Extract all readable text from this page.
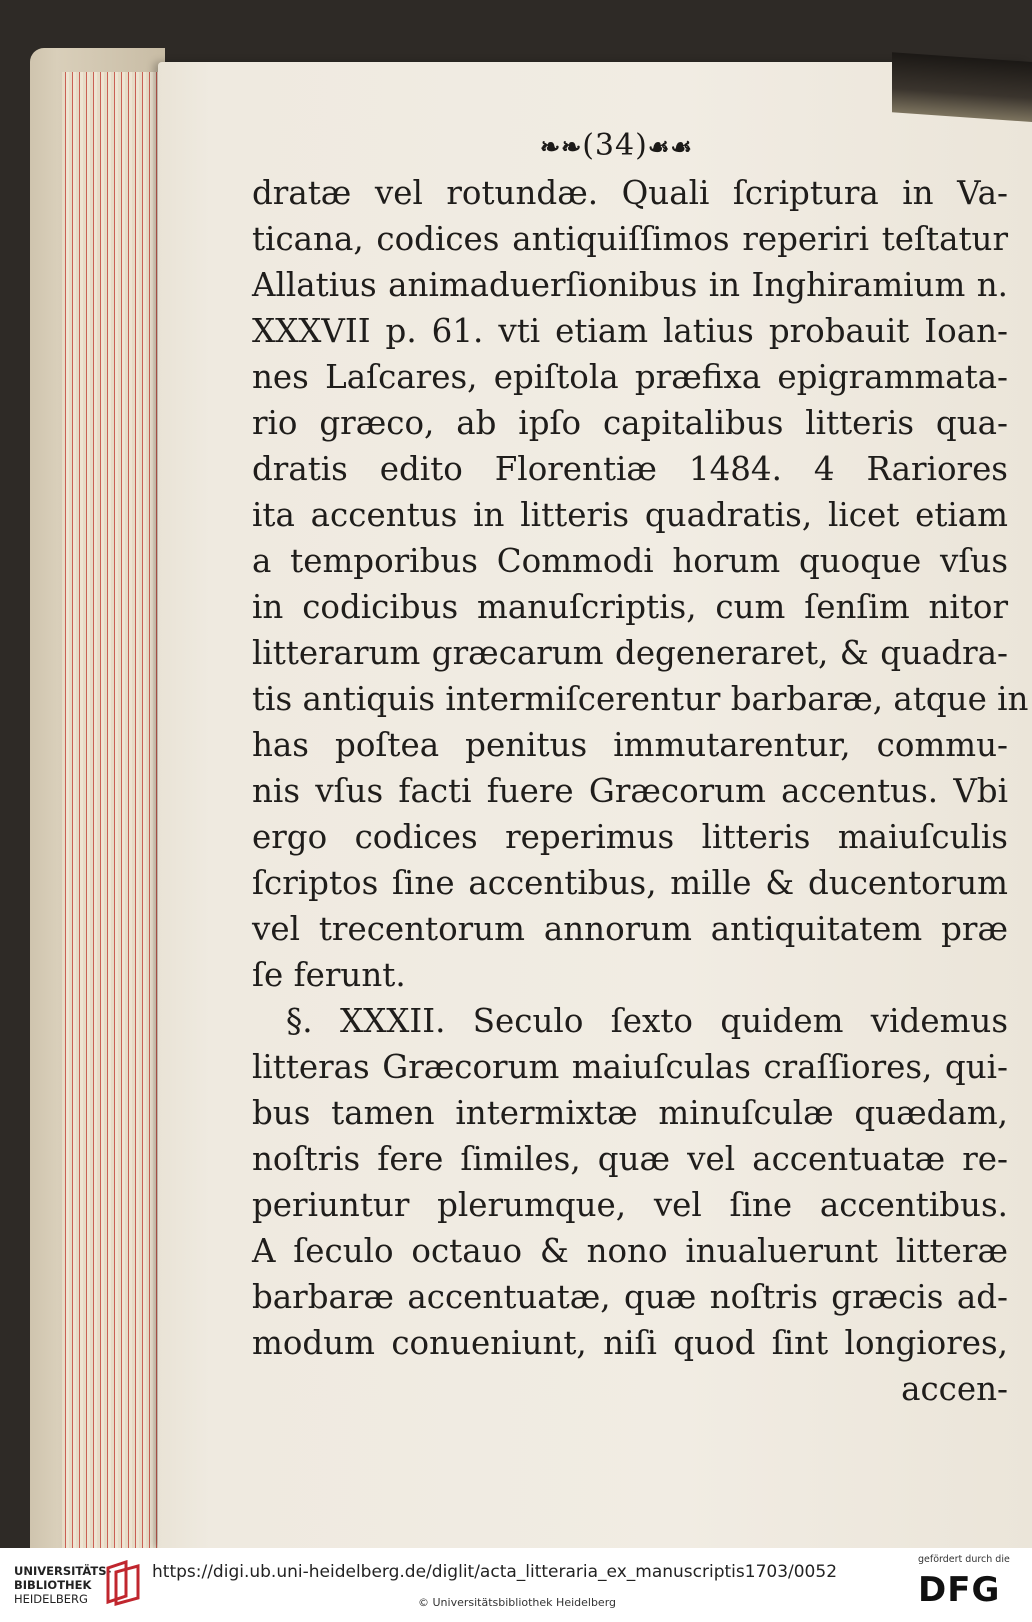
❧❧(34)☙☙
dratæ vel rotundæ. Quali ſcriptura in Va-
ticana, codices antiquiſſimos reperiri teſtatur
Allatius animaduerſionibus in Inghiramium n.
XXXVII p. 61. vti etiam latius probauit Ioan-
nes Laſcares, epiſtola præfixa epigrammata-
rio græco, ab ipſo capitalibus litteris qua-
dratis edito Florentiæ 1484. 4 Rariores
ita accentus in litteris quadratis, licet etiam
a temporibus Commodi horum quoque vſus
in codicibus manuſcriptis, cum ſenſim nitor
litterarum græcarum degeneraret, & quadra-
tis antiquis intermiſcerentur barbaræ, atque in
has poſtea penitus immutarentur, commu-
nis vſus facti fuere Græcorum accentus. Vbi
ergo codices reperimus litteris maiuſculis
ſcriptos ſine accentibus, mille & ducentorum
vel trecentorum annorum antiquitatem præ
ſe ferunt.
§. XXXII. Seculo ſexto quidem videmus
litteras Græcorum maiuſculas craſſiores, qui-
bus tamen intermixtæ minuſculæ quædam,
noſtris fere ſimiles, quæ vel accentuatæ re-
periuntur plerumque, vel ſine accentibus.
A ſeculo octauo & nono inualuerunt litteræ
barbaræ accentuatæ, quæ noſtris græcis ad-
modum conueniunt, niſi quod ſint longiores,
accen-
UNIVERSITÄTS-
BIBLIOTHEK
HEIDELBERG
https://digi.ub.uni-heidelberg.de/diglit/acta_litteraria_ex_manuscriptis1703/0052
© Universitätsbibliothek Heidelberg
gefördert durch die
DFG
